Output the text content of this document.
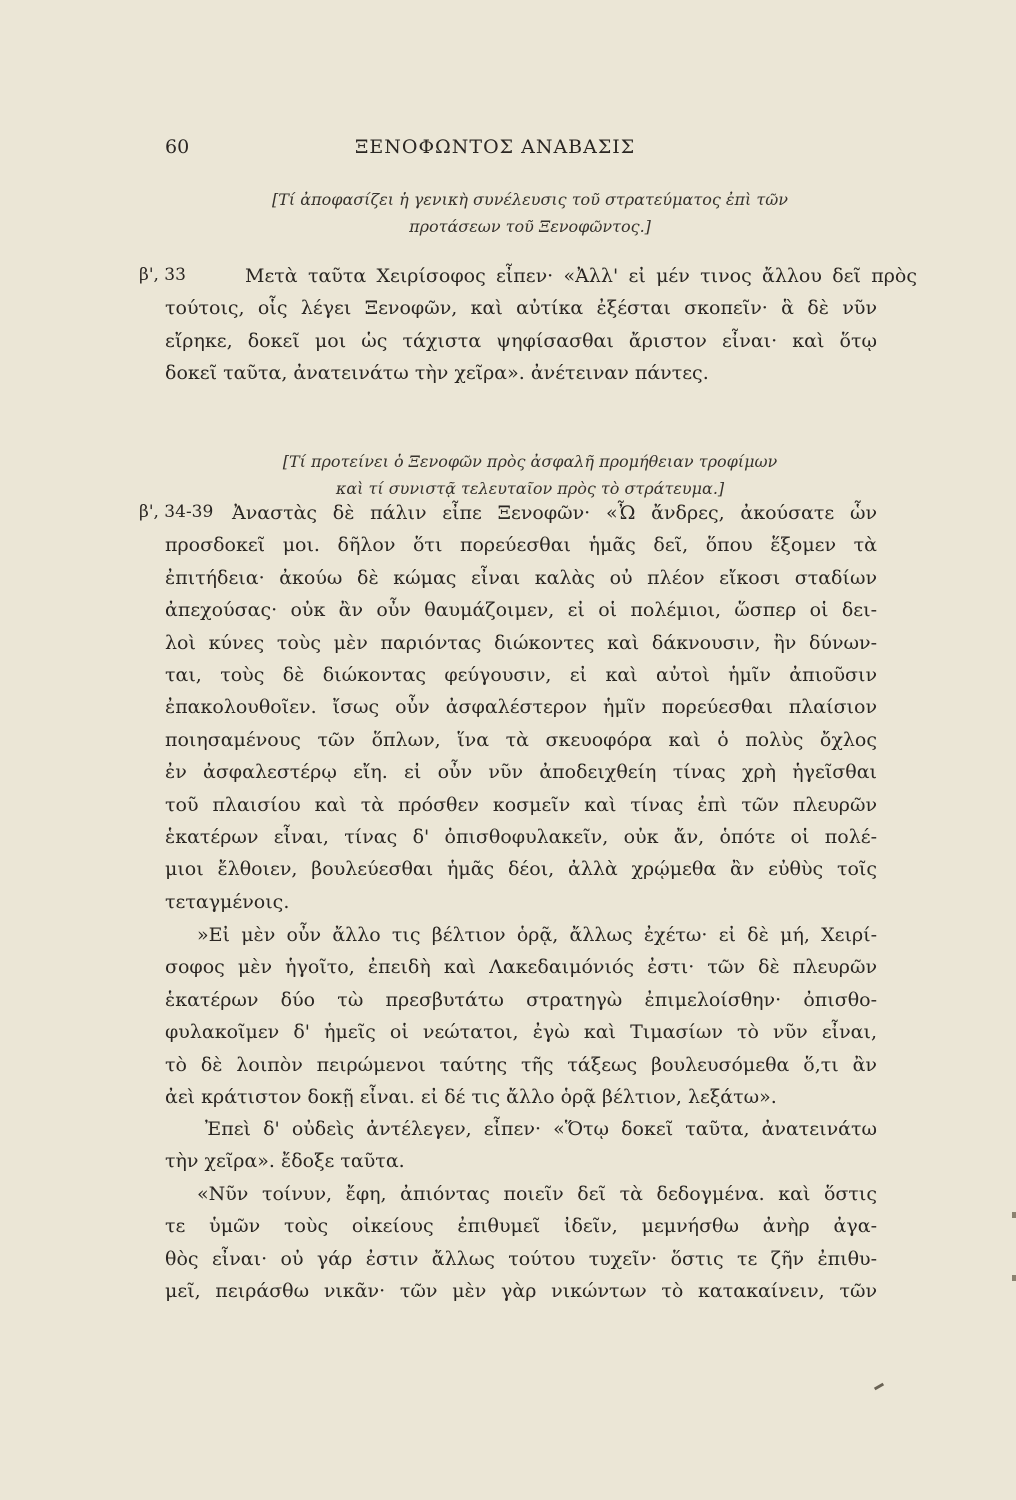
60	ΞΕΝΟΦΩΝΤΟΣ ΑΝΑΒΑΣΙΣ
[Τί ἀποφασίζει ἡ γενικὴ συνέλευσις τοῦ στρατεύματος ἐπὶ τῶν
προτάσεων τοῦ Ξενοφῶντος.]
β', 33	Μετὰ ταῦτα Χειρίσοφος εἶπεν· «Ἀλλ' εἰ μέν τινος ἄλλου δεῖ πρὸς
τούτοις, οἷς λέγει Ξενοφῶν, καὶ αὐτίκα ἐξέσται σκοπεῖν· ἃ δὲ νῦν
εἴρηκε, δοκεῖ μοι ὡς τάχιστα ψηφίσασθαι ἄριστον εἶναι· καὶ ὅτῳ
δοκεῖ ταῦτα, ἀνατεινάτω τὴν χεῖρα». ἀνέτειναν πάντες.
[Τί προτείνει ὁ Ξενοφῶν πρὸς ἀσφαλῆ προμήθειαν τροφίμων
καὶ τί συνιστᾷ τελευταῖον πρὸς τὸ στράτευμα.]
β', 34-39 Ἀναστὰς δὲ πάλιν εἶπε Ξενοφῶν· «Ὦ ἄνδρες, ἀκούσατε ὧν
προσδοκεῖ μοι. δῆλον ὅτι πορεύεσθαι ἡμᾶς δεῖ, ὅπου ἕξομεν τὰ
ἐπιτήδεια· ἀκούω δὲ κώμας εἶναι καλὰς οὐ πλέον εἴκοσι σταδίων
ἀπεχούσας· οὐκ ἂν οὖν θαυμάζοιμεν, εἰ οἱ πολέμιοι, ὥσπερ οἱ δει-
λοὶ κύνες τοὺς μὲν παριόντας διώκοντες καὶ δάκνουσιν, ἢν δύνων-
ται, τοὺς δὲ διώκοντας φεύγουσιν, εἰ καὶ αὐτοὶ ἡμῖν ἀπιοῦσιν
ἐπακολουθοῖεν. ἴσως οὖν ἀσφαλέστερον ἡμῖν πορεύεσθαι πλαίσιον
ποιησαμένους τῶν ὅπλων, ἵνα τὰ σκευοφόρα καὶ ὁ πολὺς ὄχλος
ἐν ἀσφαλεστέρῳ εἴη. εἰ οὖν νῦν ἀποδειχθείη τίνας χρὴ ἡγεῖσθαι
τοῦ πλαισίου καὶ τὰ πρόσθεν κοσμεῖν καὶ τίνας ἐπὶ τῶν πλευρῶν
ἑκατέρων εἶναι, τίνας δ' ὀπισθοφυλακεῖν, οὐκ ἄν, ὁπότε οἱ πολέ-
μιοι ἔλθοιεν, βουλεύεσθαι ἡμᾶς δέοι, ἀλλὰ χρῴμεθα ἂν εὐθὺς τοῖς
τεταγμένοις.
»Εἰ μὲν οὖν ἄλλο τις βέλτιον ὁρᾷ, ἄλλως ἐχέτω· εἰ δὲ μή, Χειρί-
σοφος μὲν ἡγοῖτο, ἐπειδὴ καὶ Λακεδαιμόνιός ἐστι· τῶν δὲ πλευρῶν
ἑκατέρων δύο τὼ πρεσβυτάτω στρατηγὼ ἐπιμελοίσθην· ὀπισθο-
φυλακοῖμεν δ' ἡμεῖς οἱ νεώτατοι, ἐγὼ καὶ Τιμασίων τὸ νῦν εἶναι,
τὸ δὲ λοιπὸν πειρώμενοι ταύτης τῆς τάξεως βουλευσόμεθα ὅ,τι ἂν
ἀεὶ κράτιστον δοκῇ εἶναι. εἰ δέ τις ἄλλο ὁρᾷ βέλτιον, λεξάτω».
Ἐπεὶ δ' οὐδεὶς ἀντέλεγεν, εἶπεν· «Ὅτῳ δοκεῖ ταῦτα, ἀνατεινάτω
τὴν χεῖρα». ἔδοξε ταῦτα.
«Νῦν τοίνυν, ἔφη, ἀπιόντας ποιεῖν δεῖ τὰ δεδογμένα. καὶ ὅστις
τε ὑμῶν τοὺς οἰκείους ἐπιθυμεῖ ἰδεῖν, μεμνήσθω ἀνὴρ ἀγα-
θὸς εἶναι· οὐ γάρ ἐστιν ἄλλως τούτου τυχεῖν· ὅστις τε ζῆν ἐπιθυ-
μεῖ, πειράσθω νικᾶν· τῶν μὲν γὰρ νικώντων τὸ κατακαίνειν, τῶν
